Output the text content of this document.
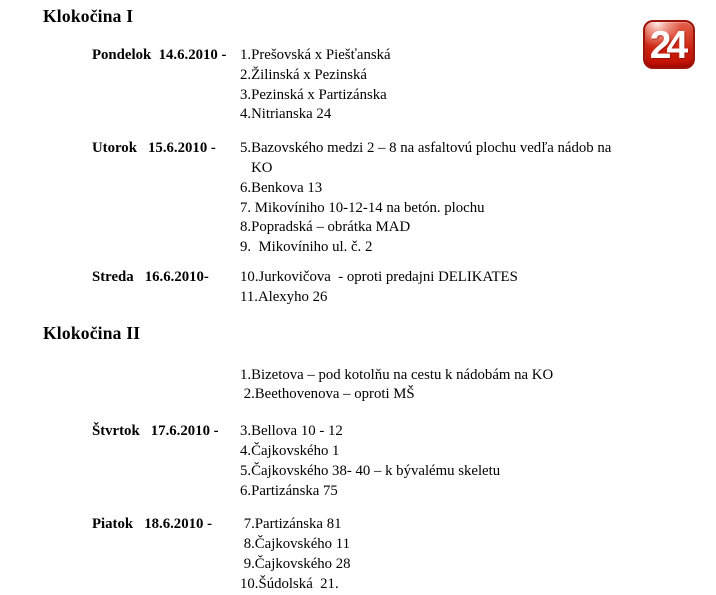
Klokočina I
Pondelok  14.6.2010 - 1.Prešovská x Piešťanská
2.Žilinská x Pezinská
3.Pezinská x Partizánska
4.Nitrianska 24
Utorok   15.6.2010 -	5.Bazovského medzi 2 – 8 na asfaltovú plochu vedľa nádob na
KO
6.Benkova 13
7. Mikovíniho 10-12-14 na betón. plochu
8.Popradská – obrátka MAD
9.  Mikovíniho ul. č. 2
Streda   16.6.2010-	10.Jurkovičova  - oproti predajni DELIKATES
11.Alexyho 26
Klokočina II
1.Bizetova – pod kotolňu na cestu k nádobám na KO
2.Beethovenova – oproti MŠ
Štvrtok   17.6.2010 -	3.Bellova 10 - 12
4.Čajkovského 1
5.Čajkovského 38- 40 – k bývalému skeletu
6.Partizánska 75
Piatok   18.6.2010 -	7.Partizánska 81
8.Čajkovského 11
9.Čajkovského 28
10.Šúdolská  21.
24
